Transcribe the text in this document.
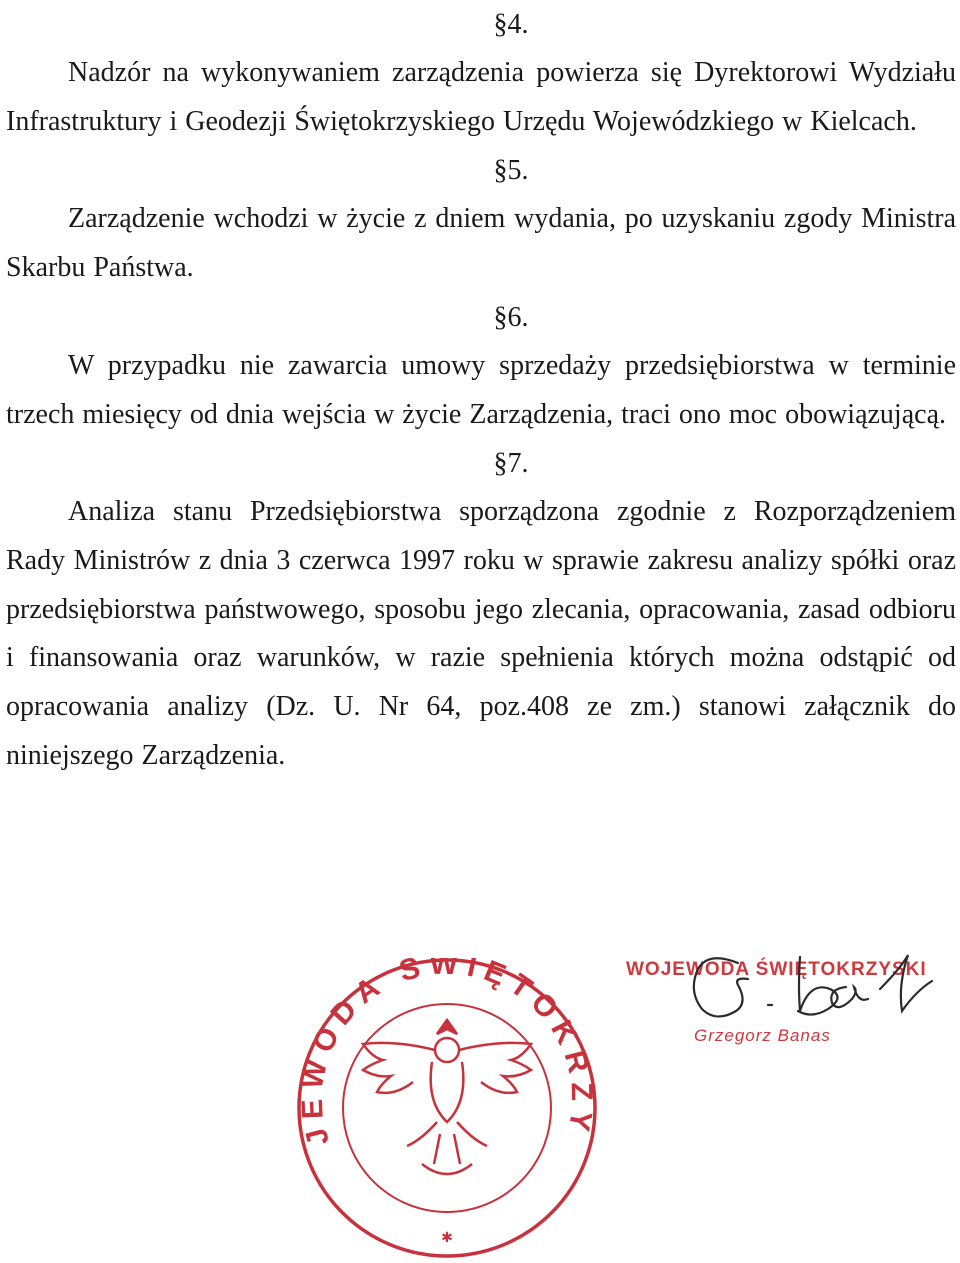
§4.

Nadzór na wykonywaniem zarządzenia powierza się Dyrektorowi Wydziału Infrastruktury i Geodezji Świętokrzyskiego Urzędu Wojewódzkiego w Kielcach.

§5.

Zarządzenie wchodzi w życie z dniem wydania, po uzyskaniu zgody Ministra Skarbu Państwa.

§6.

W przypadku nie zawarcia umowy sprzedaży przedsiębiorstwa w terminie trzech miesięcy od dnia wejścia w życie Zarządzenia, traci ono moc obowiązującą.

§7.

Analiza stanu Przedsiębiorstwa sporządzona zgodnie z Rozporządzeniem Rady Ministrów z dnia 3 czerwca 1997 roku w sprawie zakresu analizy spółki oraz przedsiębiorstwa państwowego, sposobu jego zlecania, opracowania, zasad odbioru i finansowania oraz warunków, w razie spełnienia których można odstąpić od opracowania analizy (Dz. U. Nr 64, poz.408 ze zm.) stanowi załącznik do niniejszego Zarządzenia.

JEWODA ŚWIĘTOKRZY
✱
WOJEWODA ŚWIĘTOKRZYSKI
Grzegorz Banas
